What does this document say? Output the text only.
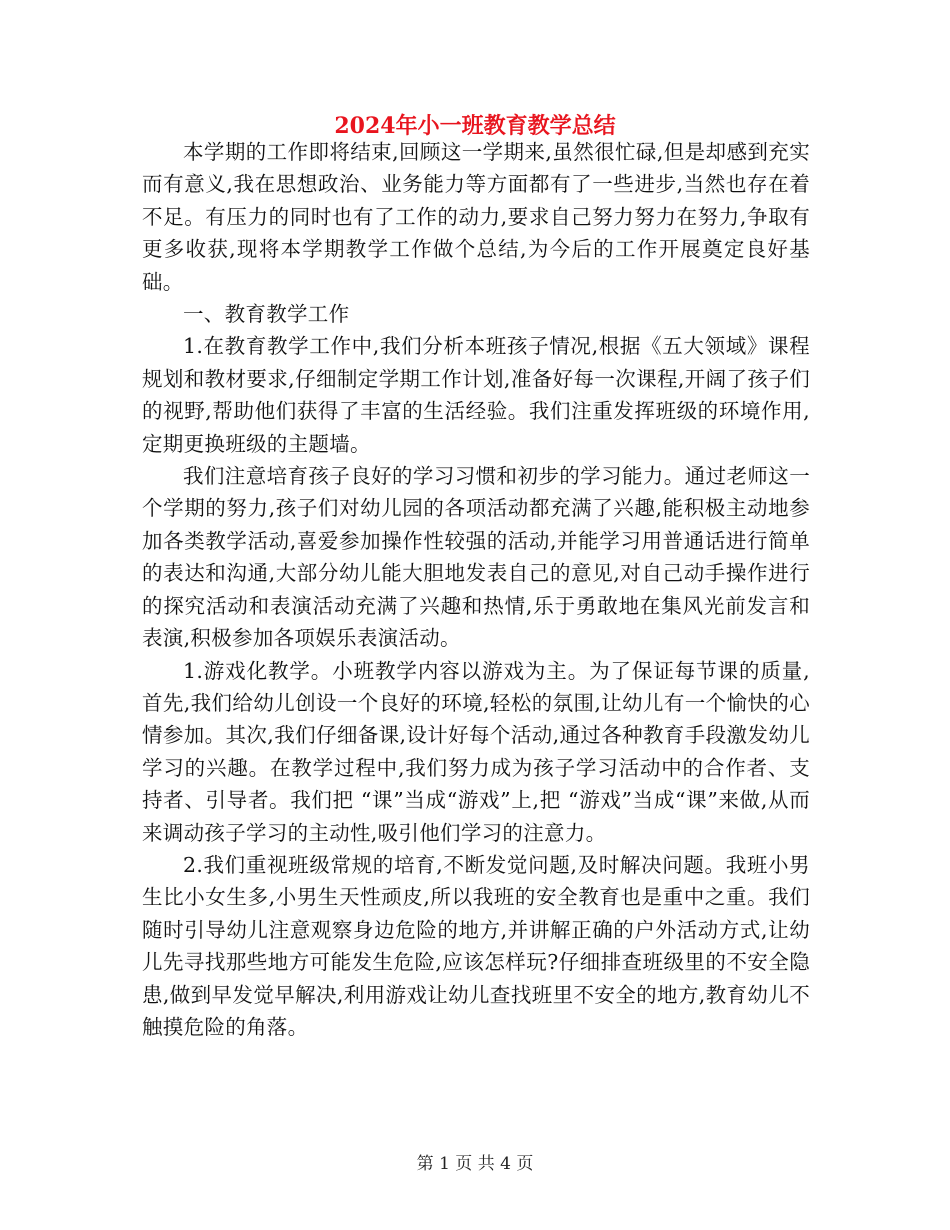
2024年小一班教育教学总结

本学期的工作即将结束,回顾这一学期来,虽然很忙碌,但是却感到充实而有意义,我在思想政治、业务能力等方面都有了一些进步,当然也存在着不足。有压力的同时也有了工作的动力,要求自己努力努力在努力,争取有更多收获,现将本学期教学工作做个总结,为今后的工作开展奠定良好基础。

一、教育教学工作

1.在教育教学工作中,我们分析本班孩子情况,根据《五大领域》课程规划和教材要求,仔细制定学期工作计划,准备好每一次课程,开阔了孩子们的视野,帮助他们获得了丰富的生活经验。我们注重发挥班级的环境作用,定期更换班级的主题墙。

我们注意培育孩子良好的学习习惯和初步的学习能力。通过老师这一个学期的努力,孩子们对幼儿园的各项活动都充满了兴趣,能积极主动地参加各类教学活动,喜爱参加操作性较强的活动,并能学习用普通话进行简单的表达和沟通,大部分幼儿能大胆地发表自己的意见,对自己动手操作进行的探究活动和表演活动充满了兴趣和热情,乐于勇敢地在集风光前发言和表演,积极参加各项娱乐表演活动。

1.游戏化教学。小班教学内容以游戏为主。为了保证每节课的质量,首先,我们给幼儿创设一个良好的环境,轻松的氛围,让幼儿有一个愉快的心情参加。其次,我们仔细备课,设计好每个活动,通过各种教育手段激发幼儿学习的兴趣。在教学过程中,我们努力成为孩子学习活动中的合作者、支持者、引导者。我们把 “课”当成“游戏”上,把 “游戏”当成“课”来做,从而来调动孩子学习的主动性,吸引他们学习的注意力。

2.我们重视班级常规的培育,不断发觉问题,及时解决问题。我班小男生比小女生多,小男生天性顽皮,所以我班的安全教育也是重中之重。我们随时引导幼儿注意观察身边危险的地方,并讲解正确的户外活动方式,让幼儿先寻找那些地方可能发生危险,应该怎样玩?仔细排查班级里的不安全隐患,做到早发觉早解决,利用游戏让幼儿查找班里不安全的地方,教育幼儿不触摸危险的角落。

第 1 页 共 4 页
